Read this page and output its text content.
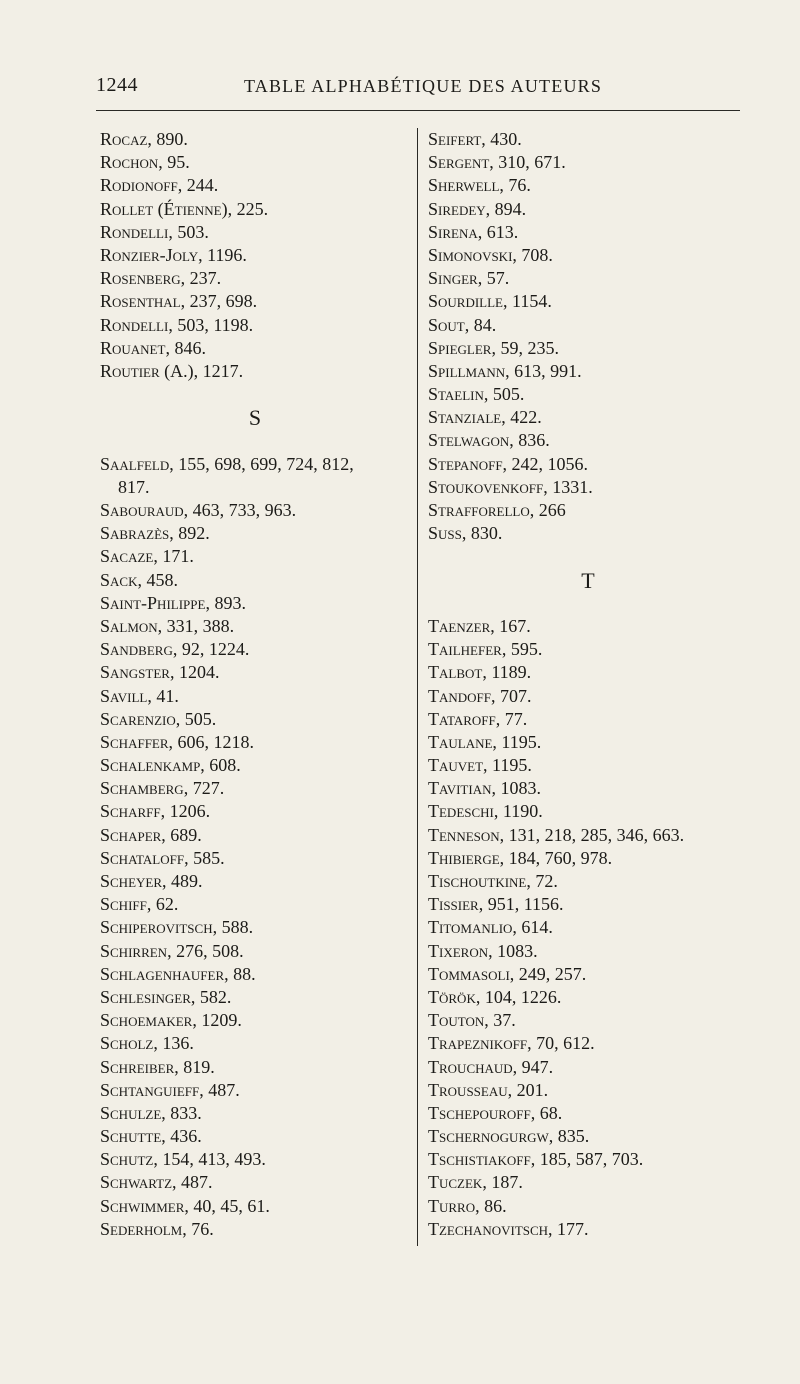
1244	TABLE ALPHABÉTIQUE DES AUTEURS
Rocaz, 890.
Rochon, 95.
Rodionoff, 244.
Rollet (Étienne), 225.
Rondelli, 503.
Ronzier-Joly, 1196.
Rosenberg, 237.
Rosenthal, 237, 698.
Rondelli, 503, 1198.
Rouanet, 846.
Routier (A.), 1217.
S
Saalfeld, 155, 698, 699, 724, 812,
817.
Sabouraud, 463, 733, 963.
Sabrazès, 892.
Sacaze, 171.
Sack, 458.
Saint-Philippe, 893.
Salmon, 331, 388.
Sandberg, 92, 1224.
Sangster, 1204.
Savill, 41.
Scarenzio, 505.
Schaffer, 606, 1218.
Schalenkamp, 608.
Schamberg, 727.
Scharff, 1206.
Schaper, 689.
Schataloff, 585.
Scheyer, 489.
Schiff, 62.
Schiperovitsch, 588.
Schirren, 276, 508.
Schlagenhaufer, 88.
Schlesinger, 582.
Schoemaker, 1209.
Scholz, 136.
Schreiber, 819.
Schtanguieff, 487.
Schulze, 833.
Schutte, 436.
Schutz, 154, 413, 493.
Schwartz, 487.
Schwimmer, 40, 45, 61.
Sederholm, 76.
Seifert, 430.
Sergent, 310, 671.
Sherwell, 76.
Siredey, 894.
Sirena, 613.
Simonovski, 708.
Singer, 57.
Sourdille, 1154.
Sout, 84.
Spiegler, 59, 235.
Spillmann, 613, 991.
Staelin, 505.
Stanziale, 422.
Stelwagon, 836.
Stepanoff, 242, 1056.
Stoukovenkoff, 1331.
Strafforello, 266
Suss, 830.
T
Taenzer, 167.
Tailhefer, 595.
Talbot, 1189.
Tandoff, 707.
Tataroff, 77.
Taulane, 1195.
Tauvet, 1195.
Tavitian, 1083.
Tedeschi, 1190.
Tenneson, 131, 218, 285, 346, 663.
Thibierge, 184, 760, 978.
Tischoutkine, 72.
Tissier, 951, 1156.
Titomanlio, 614.
Tixeron, 1083.
Tommasoli, 249, 257.
Török, 104, 1226.
Touton, 37.
Trapeznikoff, 70, 612.
Trouchaud, 947.
Trousseau, 201.
Tschepouroff, 68.
Tschernogurgw, 835.
Tschistiakoff, 185, 587, 703.
Tuczek, 187.
Turro, 86.
Tzechanovitsch, 177.
